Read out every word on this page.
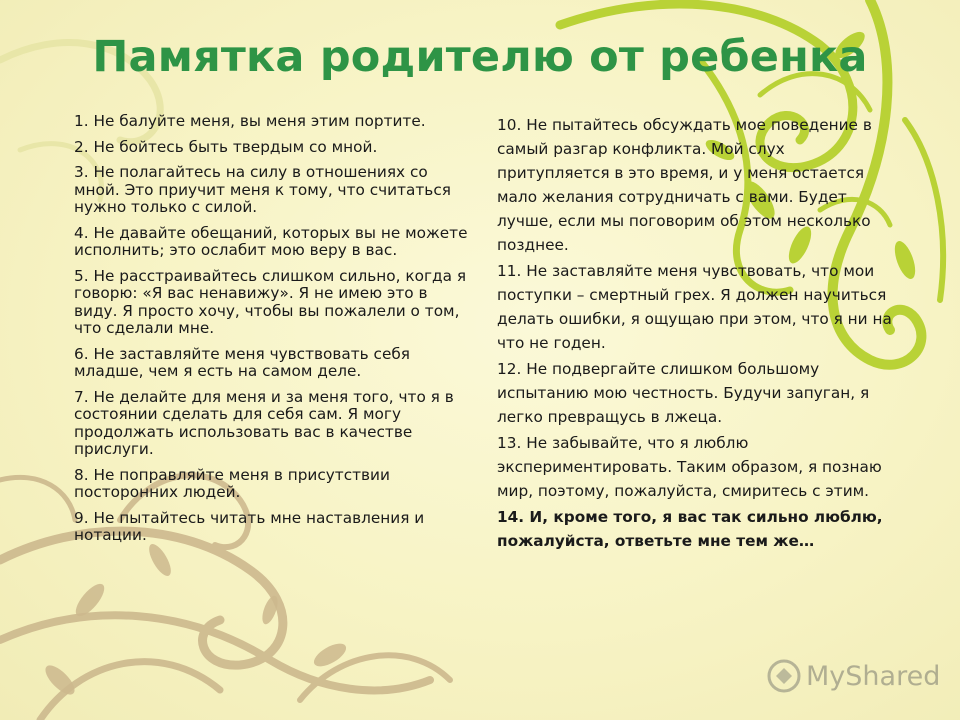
Памятка родителю от ребенка
1. Не балуйте меня, вы меня этим портите.
2. Не бойтесь быть твердым со мной.
3. Не полагайтесь на силу в отношениях со мной. Это приучит меня к тому, что считаться нужно только с силой.
4. Не давайте обещаний, которых вы не можете исполнить; это ослабит мою веру в вас.
5. Не расстраивайтесь слишком сильно, когда я говорю: «Я вас ненавижу». Я не имею это в виду. Я просто хочу, чтобы вы пожалели о том, что сделали мне.
6. Не заставляйте меня чувствовать себя младше, чем я есть на самом деле.
7. Не делайте для меня и за меня того, что я в состоянии сделать для себя сам. Я могу продолжать использовать вас в качестве прислуги.
8. Не поправляйте меня в присутствии посторонних людей.
9. Не пытайтесь читать мне наставления и нотации.
10. Не пытайтесь обсуждать мое поведение в самый разгар конфликта. Мой слух притупляется в это время, и у меня остается мало желания сотрудничать с вами. Будет лучше, если мы поговорим об этом несколько позднее.
11. Не заставляйте меня чувствовать, что мои поступки – смертный грех. Я должен научиться делать ошибки, я ощущаю при этом, что я ни на что не годен.
12. Не подвергайте слишком большому испытанию мою честность. Будучи запуган, я легко превращусь в лжеца.
13. Не забывайте, что я люблю экспериментировать. Таким образом, я познаю мир, поэтому, пожалуйста, смиритесь с этим.
14. И, кроме того, я вас так сильно люблю, пожалуйста, ответьте мне тем же…
MyShared
